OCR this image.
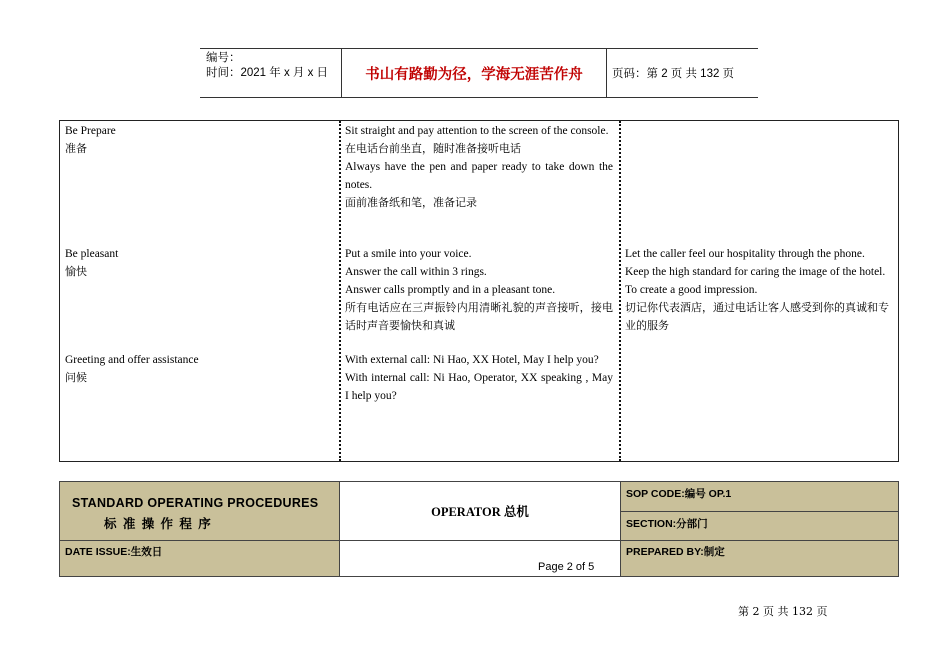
编号：
时间：2021 年 x 月 x 日	书山有路勤为径，学海无涯苦作舟	页码：第 2 页 共 132 页

Be Prepare

准备

Sit straight and pay attention to the screen of the console.

在电话台前坐直，随时准备接听电话

Always have the pen and paper ready to take down the notes.

面前准备纸和笔，准备记录

Be pleasant

愉快

Put a smile into your voice.

Answer the call within 3 rings.

Answer calls promptly and in a pleasant tone.

所有电话应在三声振铃内用清晰礼貌的声音接听，接电话时声音要愉快和真诚

Let the caller feel our hospitality through the phone.

Keep the high standard for caring the image of the hotel.

To create a good impression.

切记你代表酒店，通过电话让客人感受到你的真诚和专业的服务

Greeting and offer assistance

问候

With external call: Ni Hao, XX Hotel, May I help you?

With internal call: Ni Hao, Operator, XX speaking , May I help you?

STANDARD OPERATING PROCEDURES
标 准 操 作 程 序
OPERATOR 总机
SOP CODE:编号 OP.1
SECTION:分部门
DATE ISSUE:生效日
Page 2 of 5
PREPARED BY:制定
第 2 页 共 132 页
